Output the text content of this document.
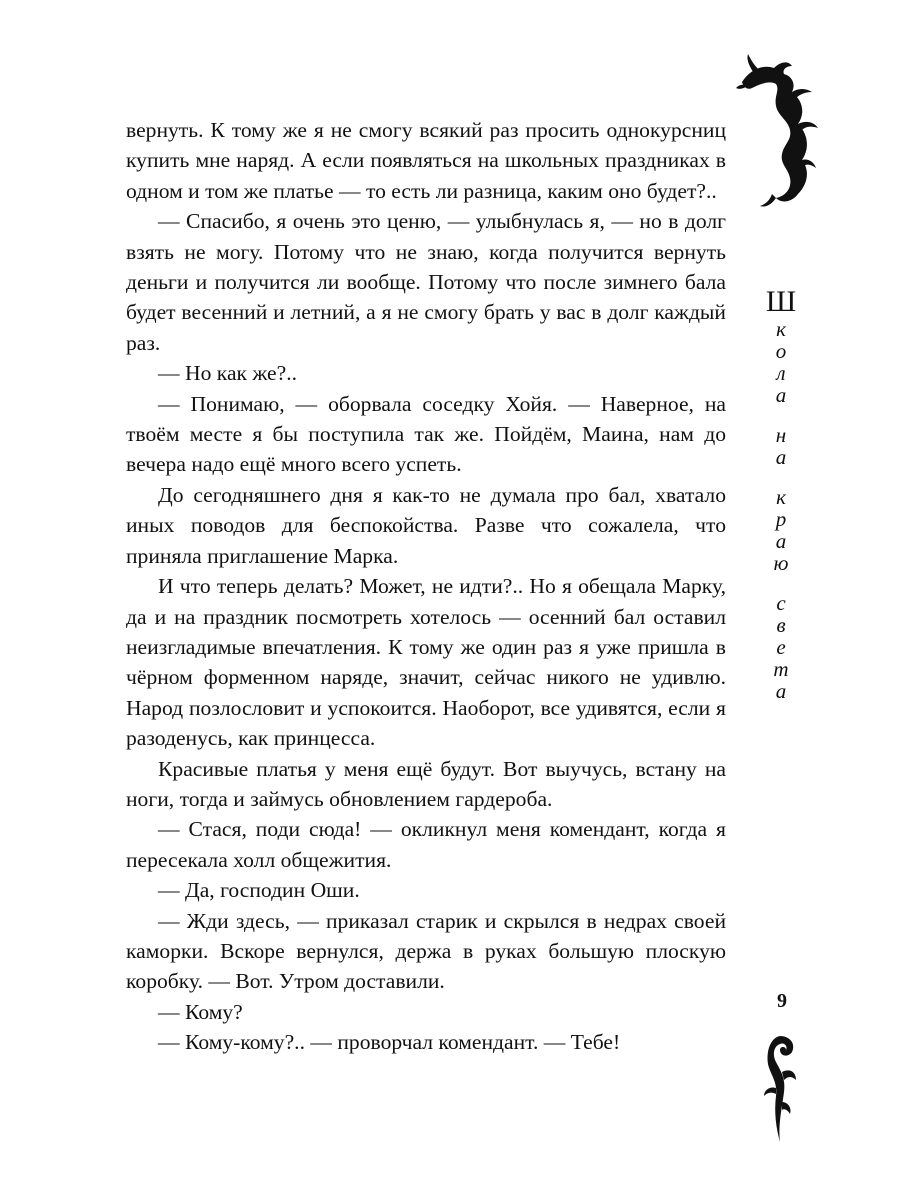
вернуть. К тому же я не смогу всякий раз просить однокурсниц купить мне наряд. А если появляться на школьных праздниках в одном и том же платье — то есть ли разница, каким оно будет?..

— Спасибо, я очень это ценю, — улыбнулась я, — но в долг взять не могу. Потому что не знаю, когда получится вернуть деньги и получится ли вообще. Потому что после зимнего бала будет весенний и летний, а я не смогу брать у вас в долг каждый раз.

— Но как же?..

— Понимаю, — оборвала соседку Хойя. — Наверное, на твоём месте я бы поступила так же. Пойдём, Маина, нам до вечера надо ещё много всего успеть.

До сегодняшнего дня я как-то не думала про бал, хватало иных поводов для беспокойства. Разве что сожалела, что приняла приглашение Марка.

И что теперь делать? Может, не идти?.. Но я обещала Марку, да и на праздник посмотреть хотелось — осенний бал оставил неизгладимые впечатления. К тому же один раз я уже пришла в чёрном форменном наряде, значит, сейчас никого не удивлю. Народ позлословит и успокоится. Наоборот, все удивятся, если я разоденусь, как принцесса.

Красивые платья у меня ещё будут. Вот выучусь, встану на ноги, тогда и займусь обновлением гардероба.

— Стася, поди сюда! — окликнул меня комендант, когда я пересекала холл общежития.

— Да, господин Оши.

— Жди здесь, — приказал старик и скрылся в недрах своей каморки. Вскоре вернулся, держа в руках большую плоскую коробку. — Вот. Утром доставили.

— Кому?

— Кому-кому?.. — проворчал комендант. — Тебе!

Ш
к
о
л
а
н
а
к
р
а
ю
с
в
е
т
а
9
